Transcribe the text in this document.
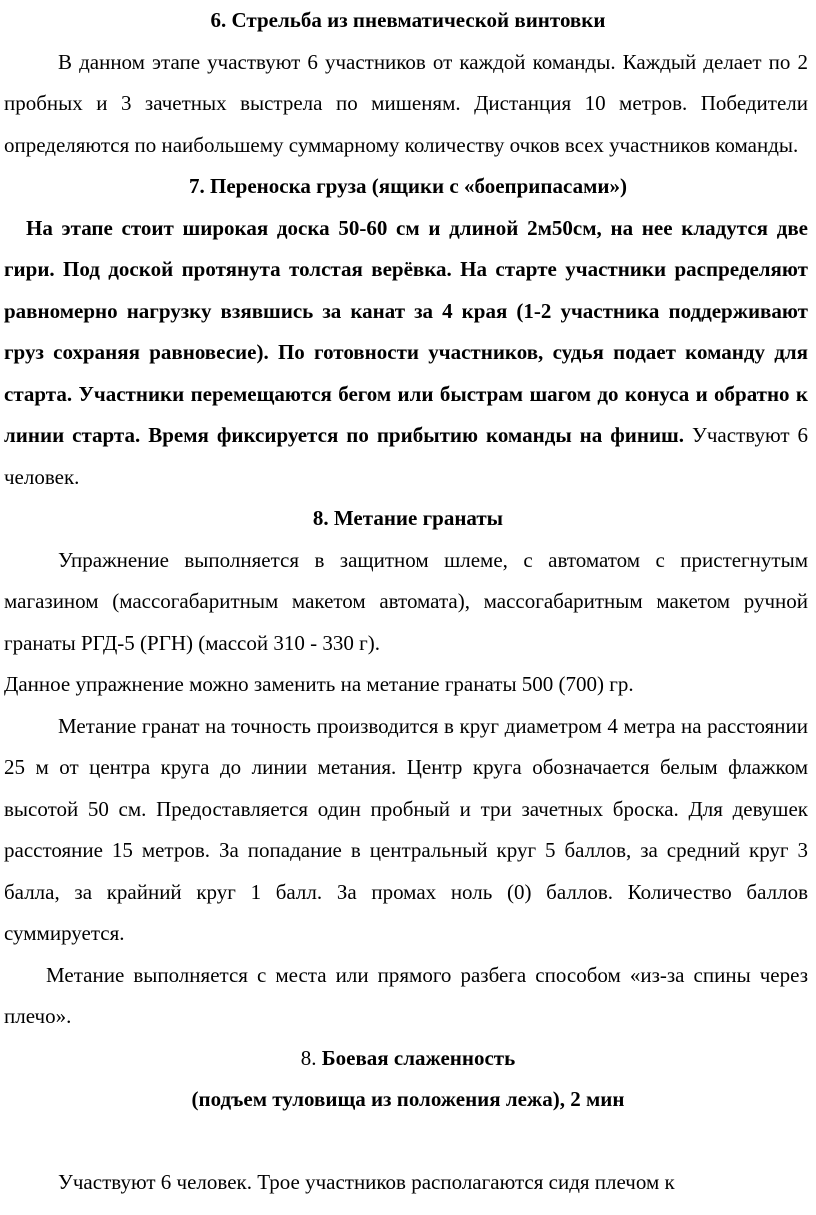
6. Стрельба из пневматической винтовки

В данном этапе участвуют 6 участников от каждой команды. Каждый делает по 2 пробных и 3 зачетных выстрела по мишеням. Дистанция 10 метров. Победители определяются по наибольшему суммарному количеству очков всех участников команды.

7. Переноска груза (ящики с «боеприпасами»)

На этапе стоит широкая доска 50-60 см и длиной 2м50см, на нее кладутся две гири. Под доской протянута толстая верёвка. На старте участники распределяют равномерно нагрузку взявшись за канат за 4 края (1-2 участника поддерживают груз сохраняя равновесие). По готовности участников, судья подает команду для старта. Участники перемещаются бегом или быстрам шагом до конуса и обратно к линии старта. Время фиксируется по прибытию команды на финиш. Участвуют 6 человек.

8. Метание гранаты

Упражнение выполняется в защитном шлеме, с автоматом с пристегнутым магазином (массогабаритным макетом автомата), массогабаритным макетом ручной гранаты РГД-5 (РГН) (массой 310 - 330 г).

Данное упражнение можно заменить на метание гранаты 500 (700) гр.

Метание гранат на точность производится в круг диаметром 4 метра на расстоянии 25 м от центра круга до линии метания. Центр круга обозначается белым флажком высотой 50 см. Предоставляется один пробный и три зачетных броска. Для девушек расстояние 15 метров. За попадание в центральный круг 5 баллов, за средний круг 3 балла, за крайний круг 1 балл. За промах ноль (0) баллов. Количество баллов суммируется.

Метание выполняется с места или прямого разбега способом «из-за спины через плечо».

8. Боевая слаженность

(подъем туловища из положения лежа), 2 мин

Участвуют 6 человек. Трое участников располагаются сидя плечом к
